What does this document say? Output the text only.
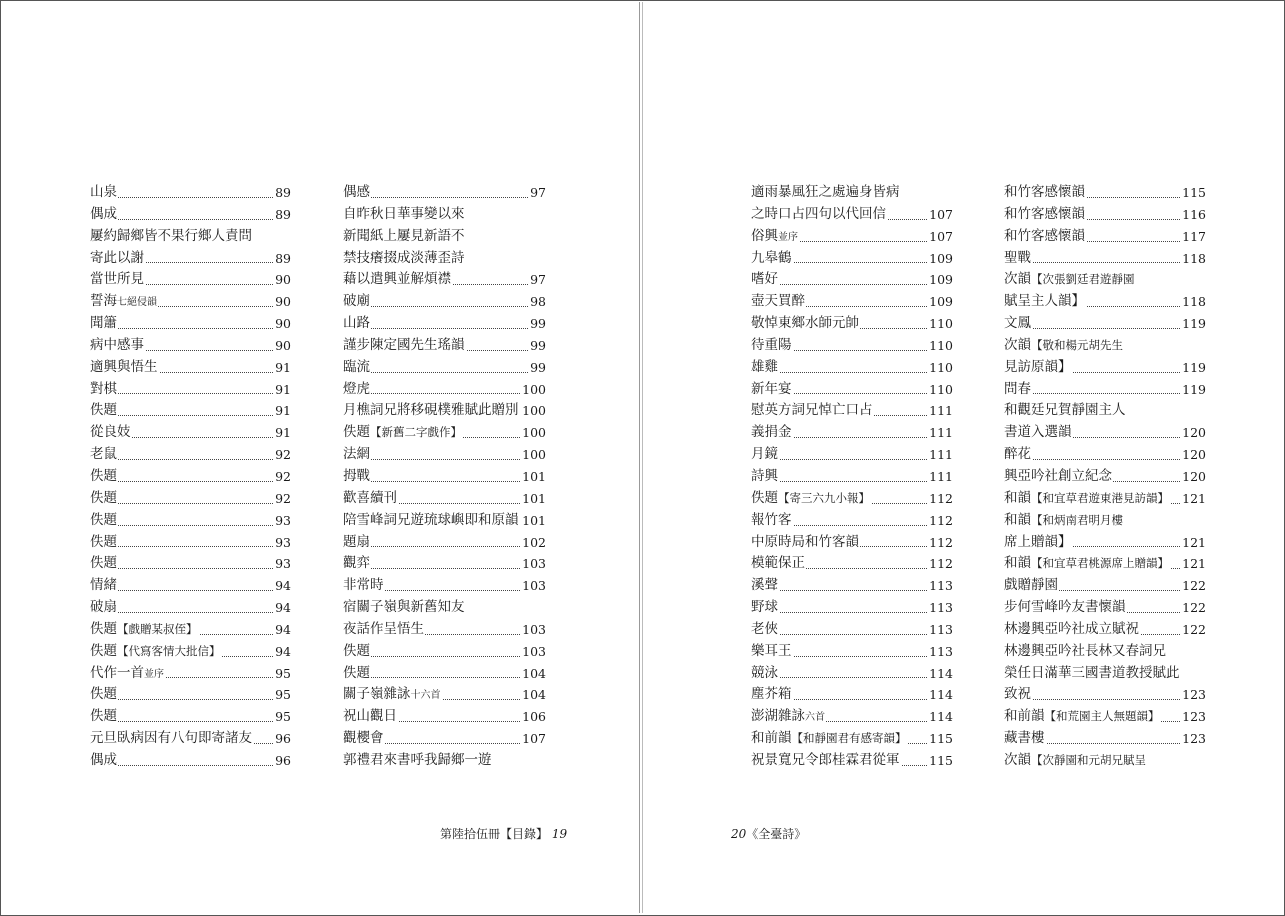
山泉	89
偶成	89
屢約歸鄉皆不果行鄉人責問
寄此以謝	89
當世所見	90
誓海七絕侵韻	90
聞簫	90
病中感事	90
適興與悟生	91
對棋	91
佚題	91
從良妓	91
老鼠	92
佚題	92
佚題	92
佚題	93
佚題	93
佚題	93
情緒	94
破扇	94
佚題【戲贈某叔侄】	94
佚題【代寫客情大批信】	94
代作一首並序	95
佚題	95
佚題	95
元旦臥病因有八句即寄諸友 96
偶成	96
偶感	97
自昨秋日華事變以來
新聞紙上屢見新語不
禁技癢掇成淡薄歪詩
藉以遣興並解煩襟	97
破廟	98
山路	99
謹步陳定國先生瑤韻	99
臨流	99
燈虎	100
月樵詞兄將移硯樸雅賦此贈別 100
佚題【新舊二字戲作】	100
法網	100
拇戰	101
歡喜續刊	101
陪雪峰詞兄遊琉球嶼即和原韻 101
題扇	102
觀弈	103
非常時	103
宿關子嶺與新舊知友
夜話作呈悟生	103
佚題	103
佚題	104
關子嶺雜詠十六首	104
祝山觀日	106
觀櫻會	107
郭禮君來書呼我歸鄉一遊
第陸拾伍冊【目錄】 19
適雨暴風狂之處遍身皆病
之時口占四句以代回信	107
俗興並序	107
九皋鶴	109
嗜好	109
壺天買醉	109
敬悼東鄉水師元帥	110
待重陽	110
雄雞	110
新年宴	110
慰英方詞兄悼亡口占	111
義捐金	111
月鏡	111
詩興	111
佚題【寄三六九小報】	112
報竹客	112
中原時局和竹客韻	112
模範保正	112
溪聲	113
野球	113
老俠	113
樂耳王	113
競泳	114
塵芥箱	114
澎湖雜詠六首	114
和前韻【和靜園君有感寄韻】 115
祝景寬兄令郎桂霖君從軍 115
和竹客感懷韻	115
和竹客感懷韻	116
和竹客感懷韻	117
聖戰	118
次韻【次張劉廷君遊靜園
賦呈主人韻】	118
文鳳	119
次韻【敬和楊元胡先生
見訪原韻】	119
問春	119
和觀廷兄賀靜園主人
書道入選韻	120
醉花	120
興亞吟社創立紀念	120
和韻【和宜草君遊東港見訪韻】 121
和韻【和炳南君明月樓
席上贈韻】	121
和韻【和宜草君桃源席上贈韻】 121
戲贈靜園	122
步何雪峰吟友書懷韻	122
林邊興亞吟社成立賦祝	122
林邊興亞吟社長林又春詞兄
榮任日滿華三國書道教授賦此
致祝	123
和前韻【和荒園主人無題韻】 123
藏書樓	123
次韻【次靜園和元胡兄賦呈
20《全臺詩》
